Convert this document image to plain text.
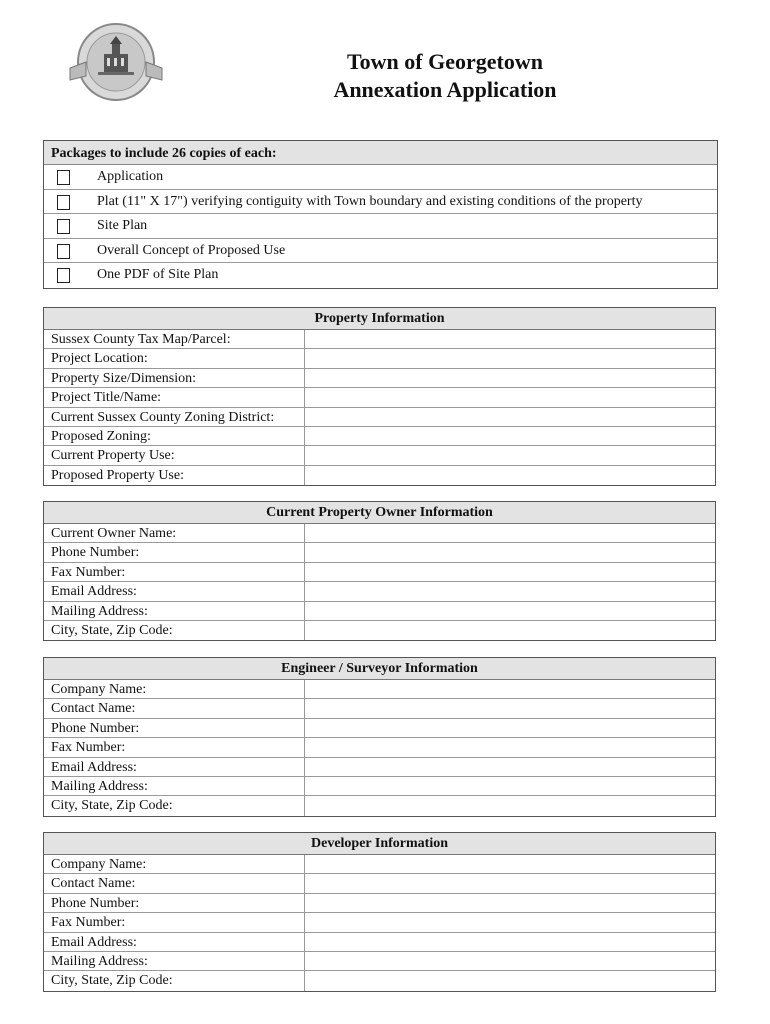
Town of Georgetown
Annexation Application
Packages to include 26 copies of each:
Application
Plat (11" X 17") verifying contiguity with Town boundary and existing conditions of the property
Site Plan
Overall Concept of Proposed Use
One PDF of Site Plan
Property Information
Sussex County Tax Map/Parcel:
Project Location:
Property Size/Dimension:
Project Title/Name:
Current Sussex County Zoning District:
Proposed Zoning:
Current Property Use:
Proposed Property Use:
Current Property Owner Information
Current Owner Name:
Phone Number:
Fax Number:
Email Address:
Mailing Address:
City, State, Zip Code:
Engineer / Surveyor Information
Company Name:
Contact Name:
Phone Number:
Fax Number:
Email Address:
Mailing Address:
City, State, Zip Code:
Developer Information
Company Name:
Contact Name:
Phone Number:
Fax Number:
Email Address:
Mailing Address:
City, State, Zip Code:
